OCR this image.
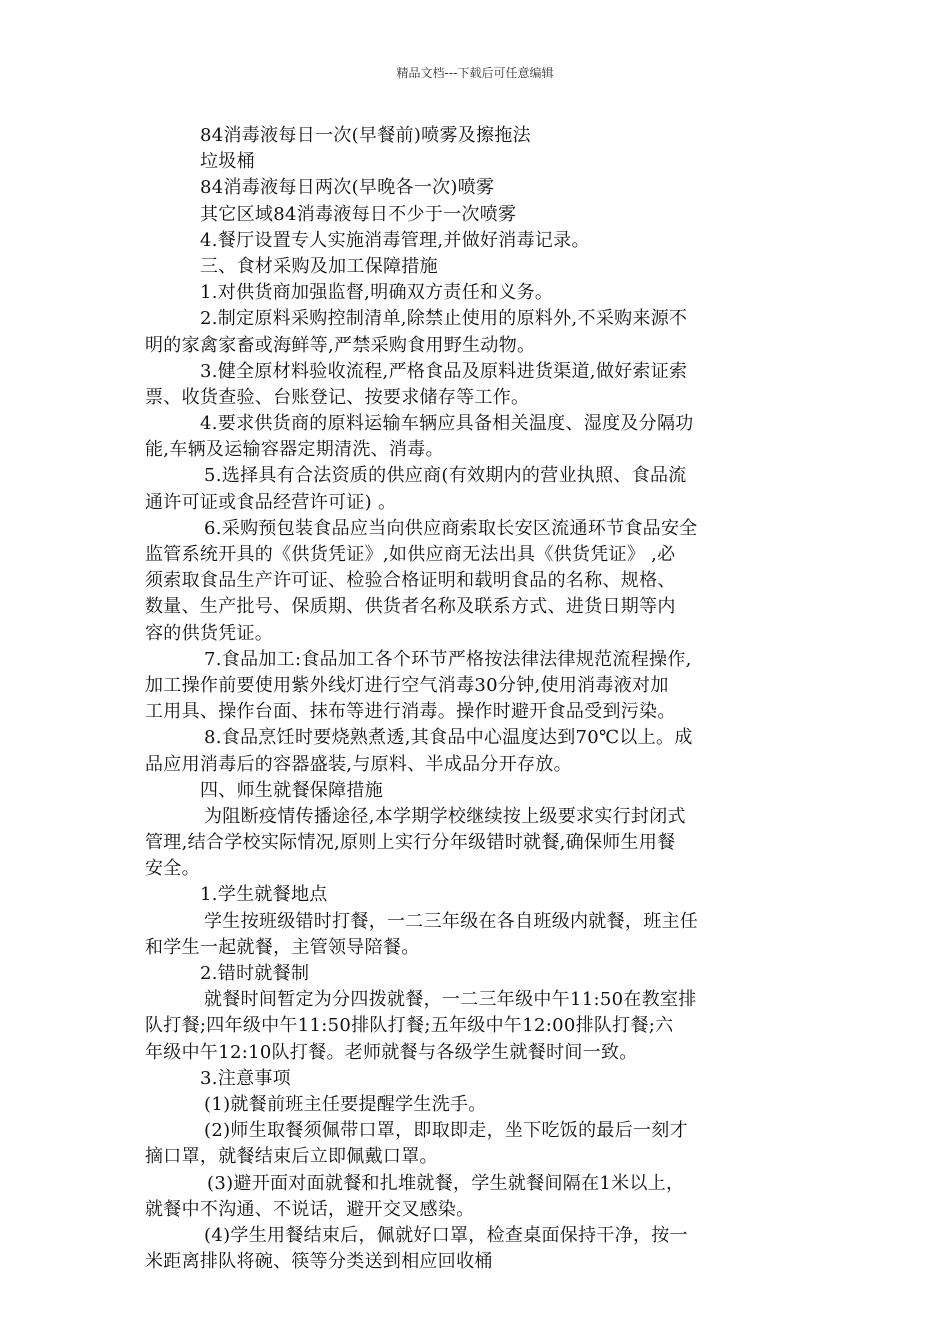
精品文档---下载后可任意编辑
84消毒液每日一次(早餐前)喷雾及擦拖法
垃圾桶
84消毒液每日两次(早晚各一次)喷雾
其它区域84消毒液每日不少于一次喷雾
4.餐厅设置专人实施消毒管理,并做好消毒记录。
三、食材采购及加工保障措施
1.对供货商加强监督,明确双方责任和义务。
2.制定原料采购控制清单,除禁止使用的原料外,不采购来源不
明的家禽家畜或海鲜等,严禁采购食用野生动物。
3.健全原材料验收流程,严格食品及原料进货渠道,做好索证索
票、收货查验、台账登记、按要求储存等工作。
4.要求供货商的原料运输车辆应具备相关温度、湿度及分隔功
能,车辆及运输容器定期清洗、消毒。
5.选择具有合法资质的供应商(有效期内的营业执照、食品流
通许可证或食品经营许可证) 。
6.采购预包装食品应当向供应商索取长安区流通环节食品安全
监管系统开具的《供货凭证》,如供应商无法出具《供货凭证》 ,必
须索取食品生产许可证、检验合格证明和载明食品的名称、规格、
数量、生产批号、保质期、供货者名称及联系方式、进货日期等内
容的供货凭证。
7.食品加工:食品加工各个环节严格按法律法律规范流程操作,
加工操作前要使用紫外线灯进行空气消毒30分钟,使用消毒液对加
工用具、操作台面、抹布等进行消毒。操作时避开食品受到污染。
8.食品烹饪时要烧熟煮透,其食品中心温度达到70℃以上。成
品应用消毒后的容器盛装,与原料、半成品分开存放。
四、师生就餐保障措施
为阻断疫情传播途径,本学期学校继续按上级要求实行封闭式
管理,结合学校实际情况,原则上实行分年级错时就餐,确保师生用餐
安全。
1.学生就餐地点
学生按班级错时打餐，一二三年级在各自班级内就餐，班主任
和学生一起就餐，主管领导陪餐。
2.错时就餐制
就餐时间暂定为分四拨就餐，一二三年级中午11:50在教室排
队打餐;四年级中午11:50排队打餐;五年级中午12:00排队打餐;六
年级中午12:10队打餐。老师就餐与各级学生就餐时间一致。
3.注意事项
(1)就餐前班主任要提醒学生洗手。
(2)师生取餐须佩带口罩，即取即走，坐下吃饭的最后一刻才
摘口罩，就餐结束后立即佩戴口罩。
(3)避开面对面就餐和扎堆就餐，学生就餐间隔在1米以上，
就餐中不沟通、不说话，避开交叉感染。
(4)学生用餐结束后，佩就好口罩，检查桌面保持干净，按一
米距离排队将碗、筷等分类送到相应回收桶
